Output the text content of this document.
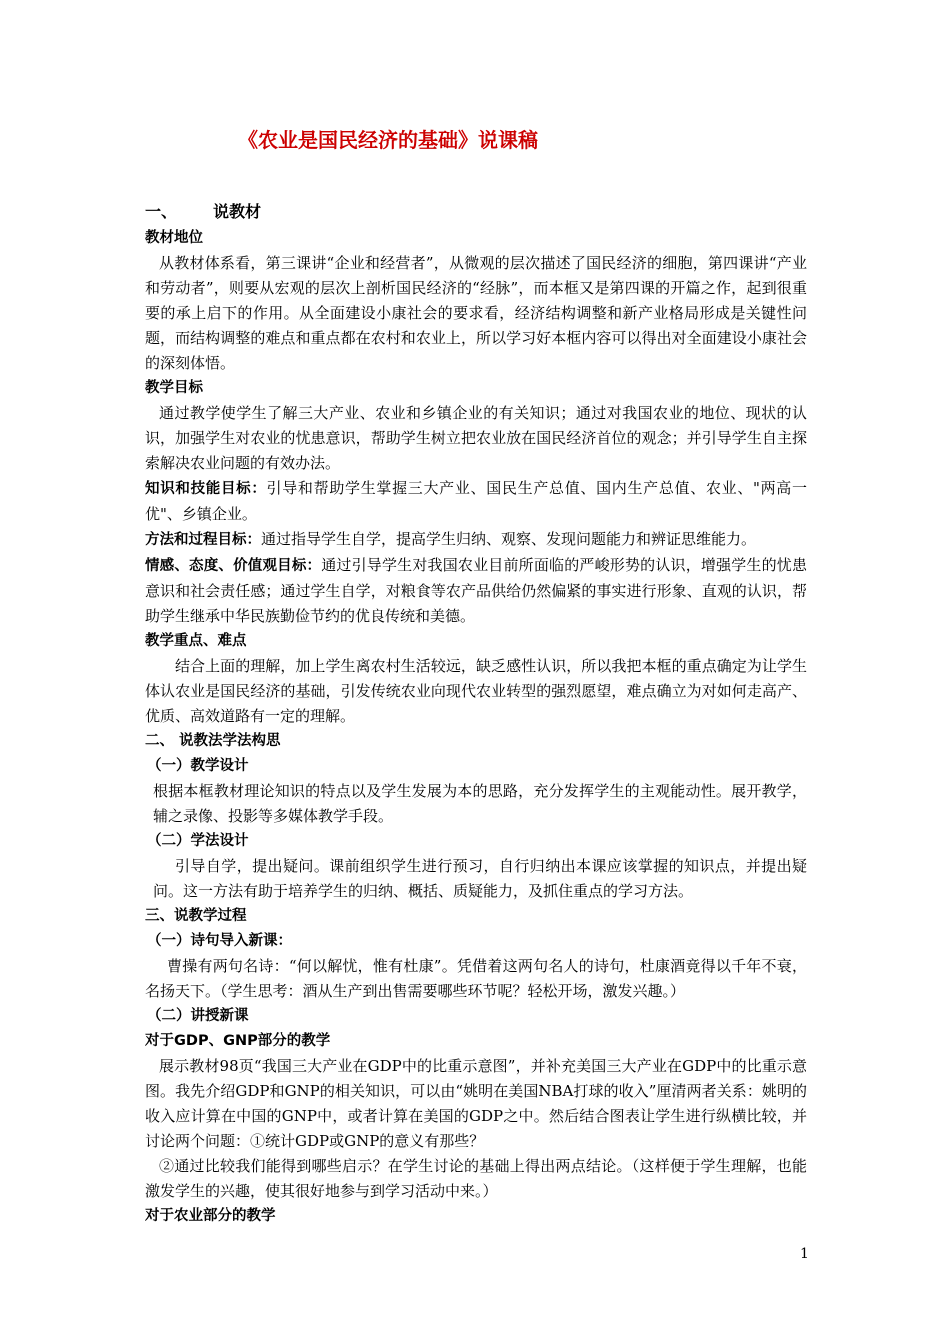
《农业是国民经济的基础》说课稿
一、 说教材
教材地位

从教材体系看，第三课讲“企业和经营者”，从微观的层次描述了国民经济的细胞，第四课讲“产业和劳动者”，则要从宏观的层次上剖析国民经济的“经脉”，而本框又是第四课的开篇之作，起到很重要的承上启下的作用。从全面建设小康社会的要求看，经济结构调整和新产业格局形成是关键性问题，而结构调整的难点和重点都在农村和农业上，所以学习好本框内容可以得出对全面建设小康社会的深刻体悟。

教学目标

通过教学使学生了解三大产业、农业和乡镇企业的有关知识；通过对我国农业的地位、现状的认识，加强学生对农业的忧患意识，帮助学生树立把农业放在国民经济首位的观念；并引导学生自主探索解决农业问题的有效办法。

知识和技能目标：引导和帮助学生掌握三大产业、国民生产总值、国内生产总值、农业、"两高一优"、乡镇企业。

方法和过程目标：通过指导学生自学，提高学生归纳、观察、发现问题能力和辨证思维能力。

情感、态度、价值观目标：通过引导学生对我国农业目前所面临的严峻形势的认识，增强学生的忧患意识和社会责任感；通过学生自学，对粮食等农产品供给仍然偏紧的事实进行形象、直观的认识，帮助学生继承中华民族勤俭节约的优良传统和美德。

教学重点、难点

结合上面的理解，加上学生离农村生活较远，缺乏感性认识，所以我把本框的重点确定为让学生体认农业是国民经济的基础，引发传统农业向现代农业转型的强烈愿望，难点确立为对如何走高产、优质、高效道路有一定的理解。

二、 说教法学法构思
（一）教学设计

根据本框教材理论知识的特点以及学生发展为本的思路，充分发挥学生的主观能动性。展开教学，辅之录像、投影等多媒体教学手段。

（二）学法设计

引导自学，提出疑问。课前组织学生进行预习，自行归纳出本课应该掌握的知识点，并提出疑问。这一方法有助于培养学生的归纳、概括、质疑能力，及抓住重点的学习方法。

三、说教学过程
（一）诗句导入新课：

曹操有两句名诗：“何以解忧，惟有杜康”。凭借着这两句名人的诗句，杜康酒竟得以千年不衰，名扬天下。（学生思考：酒从生产到出售需要哪些环节呢？轻松开场，激发兴趣。）

（二）讲授新课
对于GDP、GNP部分的教学

展示教材98页“我国三大产业在GDP中的比重示意图”，并补充美国三大产业在GDP中的比重示意图。我先介绍GDP和GNP的相关知识，可以由“姚明在美国NBA打球的收入”厘清两者关系：姚明的收入应计算在中国的GNP中，或者计算在美国的GDP之中。然后结合图表让学生进行纵横比较，并讨论两个问题：①统计GDP或GNP的意义有那些？

②通过比较我们能得到哪些启示？在学生讨论的基础上得出两点结论。（这样便于学生理解，也能激发学生的兴趣，使其很好地参与到学习活动中来。）

对于农业部分的教学
1
